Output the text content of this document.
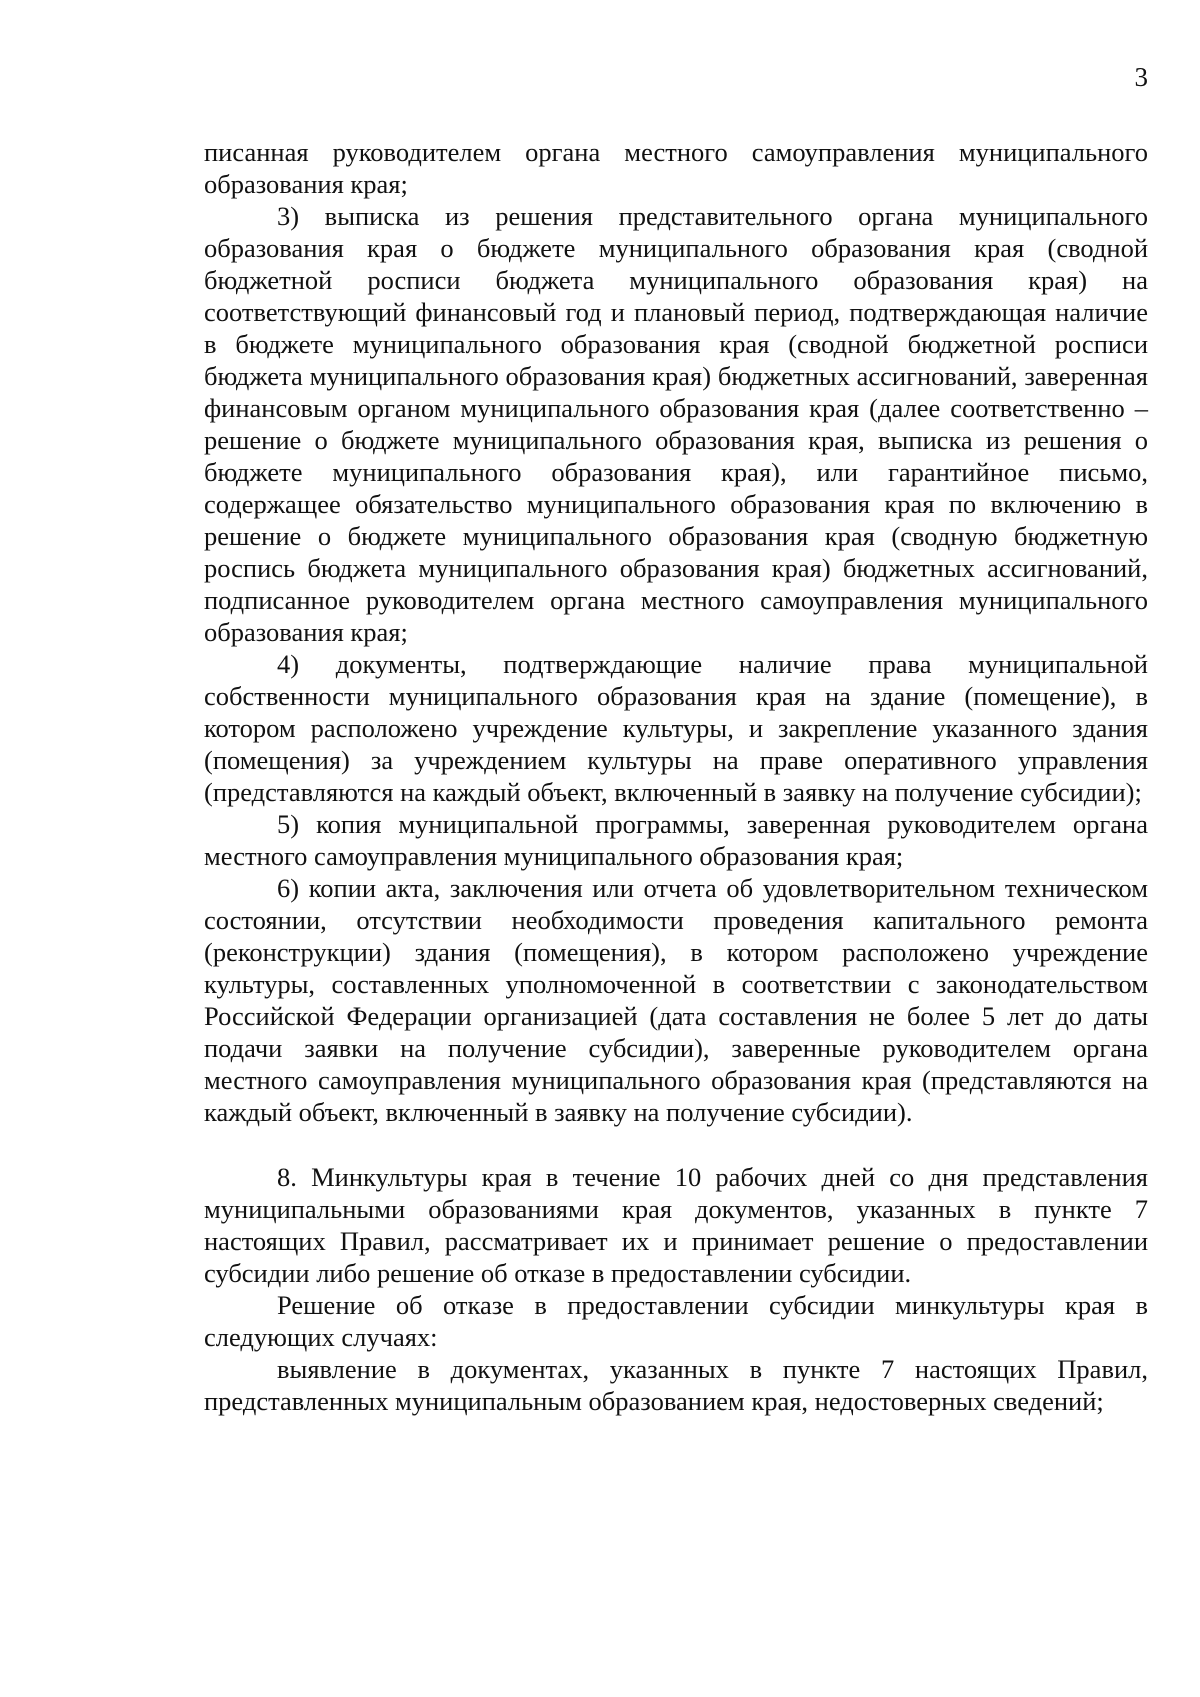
3

писанная руководителем органа местного самоуправления муниципального образования края;

3) выписка из решения представительного органа муниципального образования края о бюджете муниципального образования края (сводной бюджетной росписи бюджета муниципального образования края) на соответствующий финансовый год и плановый период, подтверждающая наличие в бюджете муниципального образования края (сводной бюджетной росписи бюджета муниципального образования края) бюджетных ассигнований, заверенная финансовым органом муниципального образования края (далее соответственно – решение о бюджете муниципального образования края, выписка из решения о бюджете муниципального образования края), или гарантийное письмо, содержащее обязательство муниципального образования края по включению в решение о бюджете муниципального образования края (сводную бюджетную роспись бюджета муниципального образования края) бюджетных ассигнований, подписанное руководителем органа местного самоуправления муниципального образования края;

4) документы, подтверждающие наличие права муниципальной собственности муниципального образования края на здание (помещение), в котором расположено учреждение культуры, и закрепление указанного здания (помещения) за учреждением культуры на праве оперативного управления (представляются на каждый объект, включенный в заявку на получение субсидии);

5) копия муниципальной программы, заверенная руководителем органа местного самоуправления муниципального образования края;

6) копии акта, заключения или отчета об удовлетворительном техническом состоянии, отсутствии необходимости проведения капитального ремонта (реконструкции) здания (помещения), в котором расположено учреждение культуры, составленных уполномоченной в соответствии с законодательством Российской Федерации организацией (дата составления не более 5 лет до даты подачи заявки на получение субсидии), заверенные руководителем органа местного самоуправления муниципального образования края (представляются на каждый объект, включенный в заявку на получение субсидии).

8. Минкультуры края в течение 10 рабочих дней со дня представления муниципальными образованиями края документов, указанных в пункте 7 настоящих Правил, рассматривает их и принимает решение о предоставлении субсидии либо решение об отказе в предоставлении субсидии.

Решение об отказе в предоставлении субсидии минкультуры края в следующих случаях:

выявление в документах, указанных в пункте 7 настоящих Правил, представленных муниципальным образованием края, недостоверных сведений;
